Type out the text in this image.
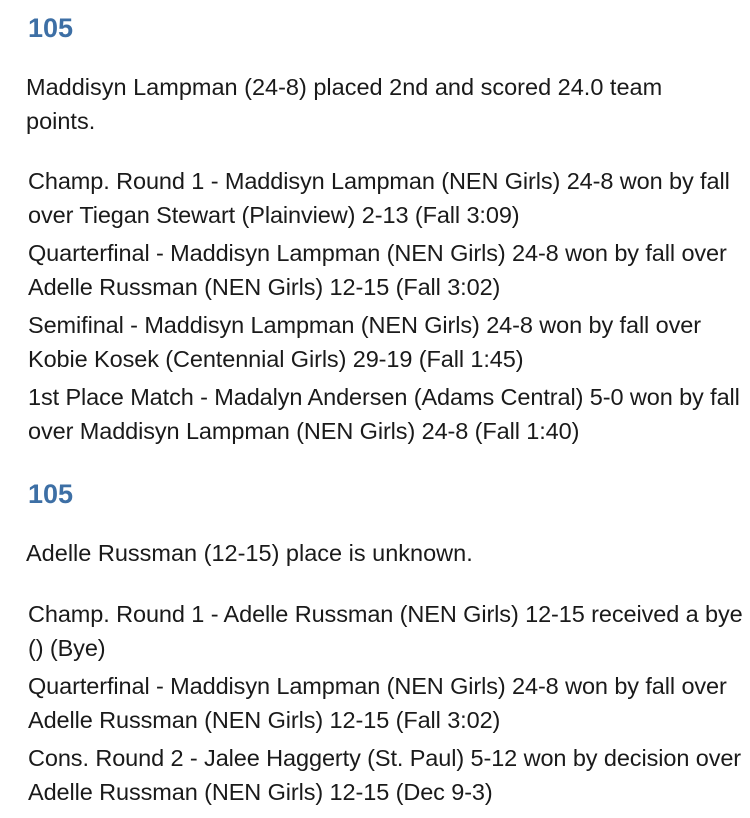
105

Maddisyn Lampman (24-8) placed 2nd and scored 24.0 team points.

Champ. Round 1 - Maddisyn Lampman (NEN Girls) 24-8 won by fall over Tiegan Stewart (Plainview) 2-13 (Fall 3:09)
Quarterfinal - Maddisyn Lampman (NEN Girls) 24-8 won by fall over Adelle Russman (NEN Girls) 12-15 (Fall 3:02)
Semifinal - Maddisyn Lampman (NEN Girls) 24-8 won by fall over Kobie Kosek (Centennial Girls) 29-19 (Fall 1:45)
1st Place Match - Madalyn Andersen (Adams Central) 5-0 won by fall over Maddisyn Lampman (NEN Girls) 24-8 (Fall 1:40)
105

Adelle Russman (12-15) place is unknown.

Champ. Round 1 - Adelle Russman (NEN Girls) 12-15 received a bye () (Bye)
Quarterfinal - Maddisyn Lampman (NEN Girls) 24-8 won by fall over Adelle Russman (NEN Girls) 12-15 (Fall 3:02)
Cons. Round 2 - Jalee Haggerty (St. Paul) 5-12 won by decision over Adelle Russman (NEN Girls) 12-15 (Dec 9-3)
